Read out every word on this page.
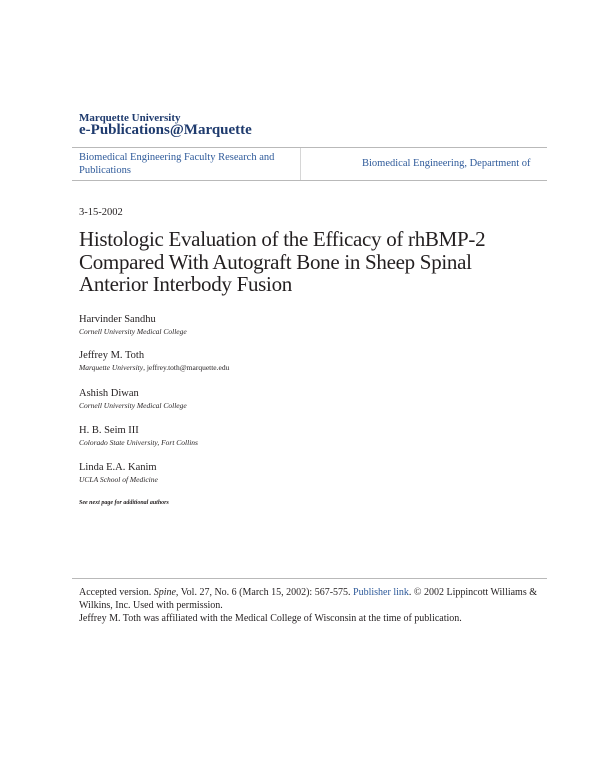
Marquette University
e-Publications@Marquette
Biomedical Engineering Faculty Research and Publications
Biomedical Engineering, Department of
3-15-2002
Histologic Evaluation of the Efficacy of rhBMP-2 Compared With Autograft Bone in Sheep Spinal Anterior Interbody Fusion
Harvinder Sandhu
Cornell University Medical College
Jeffrey M. Toth
Marquette University, jeffrey.toth@marquette.edu
Ashish Diwan
Cornell University Medical College
H. B. Seim III
Colorado State University, Fort Collins
Linda E.A. Kanim
UCLA School of Medicine
See next page for additional authors
Accepted version. Spine, Vol. 27, No. 6 (March 15, 2002): 567-575. Publisher link. © 2002 Lippincott Williams & Wilkins, Inc. Used with permission.
Jeffrey M. Toth was affiliated with the Medical College of Wisconsin at the time of publication.
